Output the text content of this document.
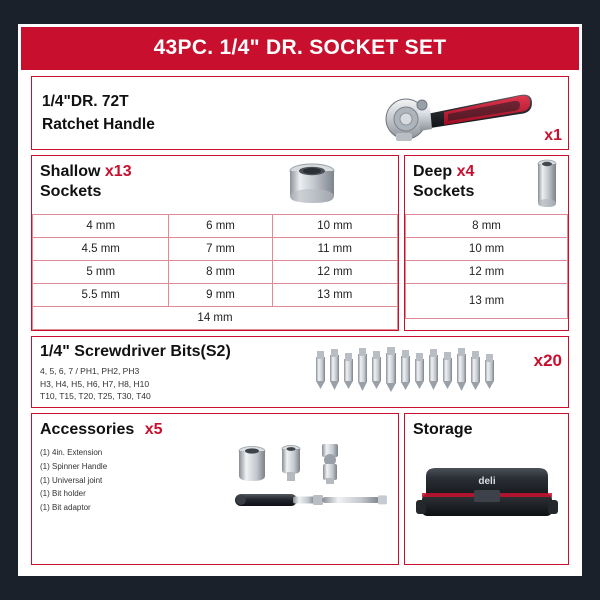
43PC. 1/4" DR. SOCKET SET
1/4"DR. 72T
Ratchet Handle
x1
Shallow x13
Sockets
4 mm	6 mm	10 mm
4.5 mm	7 mm	11 mm
5 mm	8 mm	12 mm
5.5 mm	9 mm	13 mm
14 mm		
Deep x4
Sockets
8 mm
10 mm
12 mm
13 mm
1/4" Screwdriver Bits(S2)
4, 5, 6, 7 / PH1, PH2, PH3
H3, H4, H5, H6, H7, H8, H10
T10, T15, T20, T25, T30, T40
x20
Accessories x5
(1) 4in. Extension
(1) Spinner Handle
(1) Universal joint
(1) Bit holder
(1) Bit adaptor
Storage
deli
